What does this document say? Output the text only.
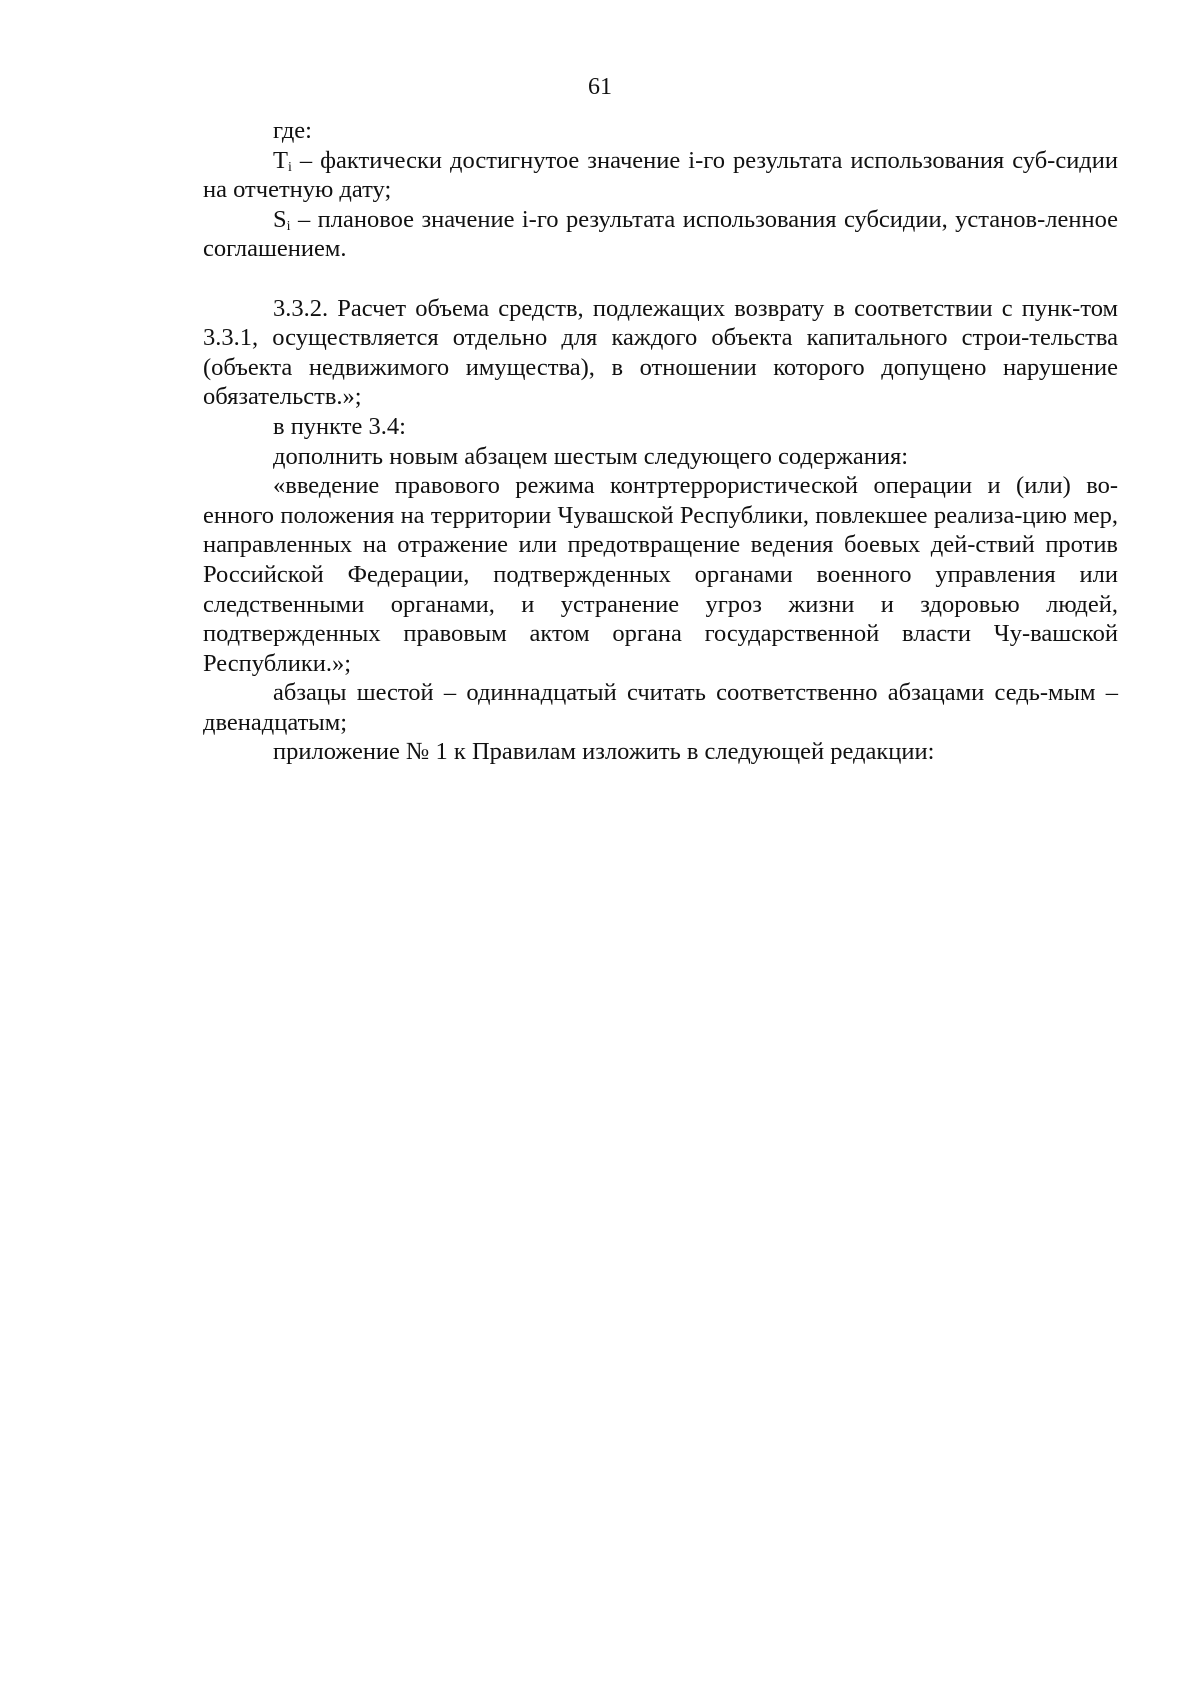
61

где:

$T_i$ – фактически достигнутое значение i-го результата использования суб-сидии на отчетную дату;

$S_i$ – плановое значение i-го результата использования субсидии, установ-ленное соглашением.

3.3.2. Расчет объема средств, подлежащих возврату в соответствии с пунк-том 3.3.1, осуществляется отдельно для каждого объекта капитального строи-тельства (объекта недвижимого имущества), в отношении которого допущено нарушение обязательств.»;

в пункте 3.4:

дополнить новым абзацем шестым следующего содержания:

«введение правового режима контртеррористической операции и (или) во-енного положения на территории Чувашской Республики, повлекшее реализа-цию мер, направленных на отражение или предотвращение ведения боевых дей-ствий против Российской Федерации, подтвержденных органами военного управления или следственными органами, и устранение угроз жизни и здоровью людей, подтвержденных правовым актом органа государственной власти Чу-вашской Республики.»;

абзацы шестой – одиннадцатый считать соответственно абзацами седь-мым – двенадцатым;

приложение № 1 к Правилам изложить в следующей редакции:
